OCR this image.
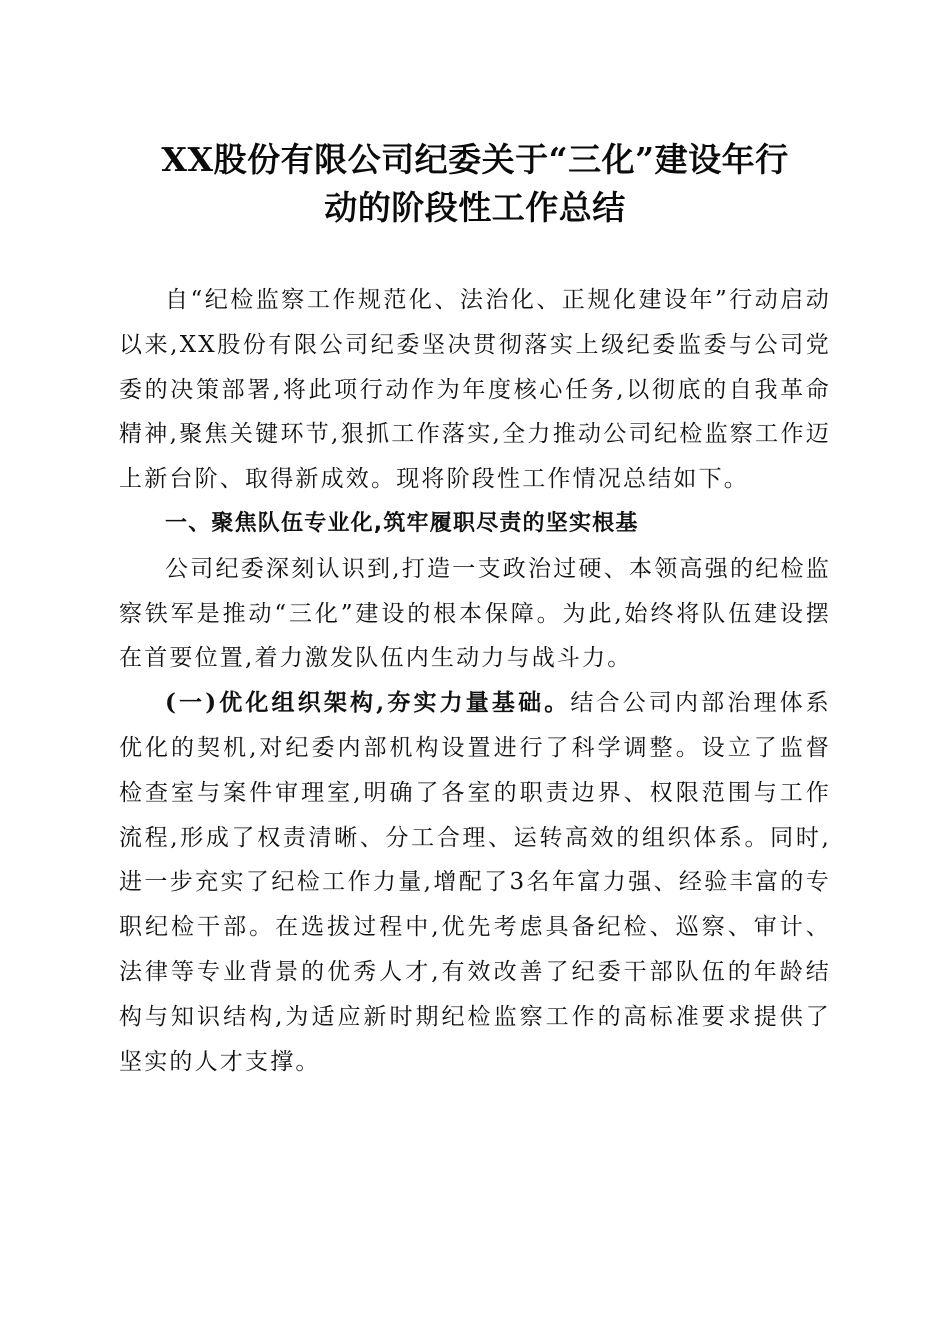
XX股份有限公司纪委关于“三化”建设年行
动的阶段性工作总结

自“纪检监察工作规范化、法治化、正规化建设年”行动启动以来,XX股份有限公司纪委坚决贯彻落实上级纪委监委与公司党委的决策部署,将此项行动作为年度核心任务,以彻底的自我革命精神,聚焦关键环节,狠抓工作落实,全力推动公司纪检监察工作迈上新台阶、取得新成效。现将阶段性工作情况总结如下。

一、聚焦队伍专业化,筑牢履职尽责的坚实根基

公司纪委深刻认识到,打造一支政治过硬、本领高强的纪检监察铁军是推动“三化”建设的根本保障。为此,始终将队伍建设摆在首要位置,着力激发队伍内生动力与战斗力。

(一)优化组织架构,夯实力量基础。结合公司内部治理体系优化的契机,对纪委内部机构设置进行了科学调整。设立了监督检查室与案件审理室,明确了各室的职责边界、权限范围与工作流程,形成了权责清晰、分工合理、运转高效的组织体系。同时,进一步充实了纪检工作力量,增配了3名年富力强、经验丰富的专职纪检干部。在选拔过程中,优先考虑具备纪检、巡察、审计、法律等专业背景的优秀人才,有效改善了纪委干部队伍的年龄结构与知识结构,为适应新时期纪检监察工作的高标准要求提供了坚实的人才支撑。
